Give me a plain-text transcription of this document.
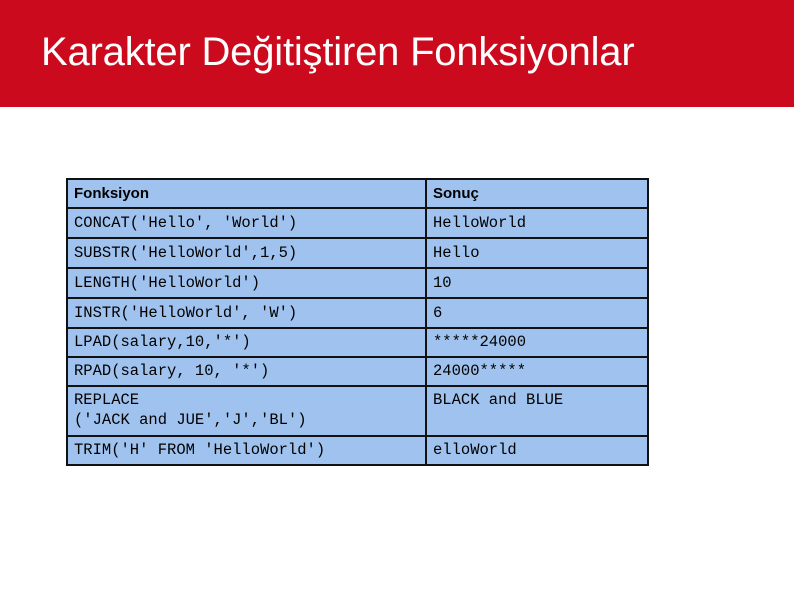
Karakter Değitiştiren Fonksiyonlar
Fonksiyon	Sonuç

CONCAT('Hello', 'World')	HelloWorld

SUBSTR('HelloWorld',1,5)	Hello

LENGTH('HelloWorld')	10

INSTR('HelloWorld', 'W')	6

LPAD(salary,10,'*')	*****24000

RPAD(salary, 10, '*')	24000*****

REPLACE
('JACK and JUE','J','BL')	BLACK and BLUE

TRIM('H' FROM 'HelloWorld')	elloWorld
